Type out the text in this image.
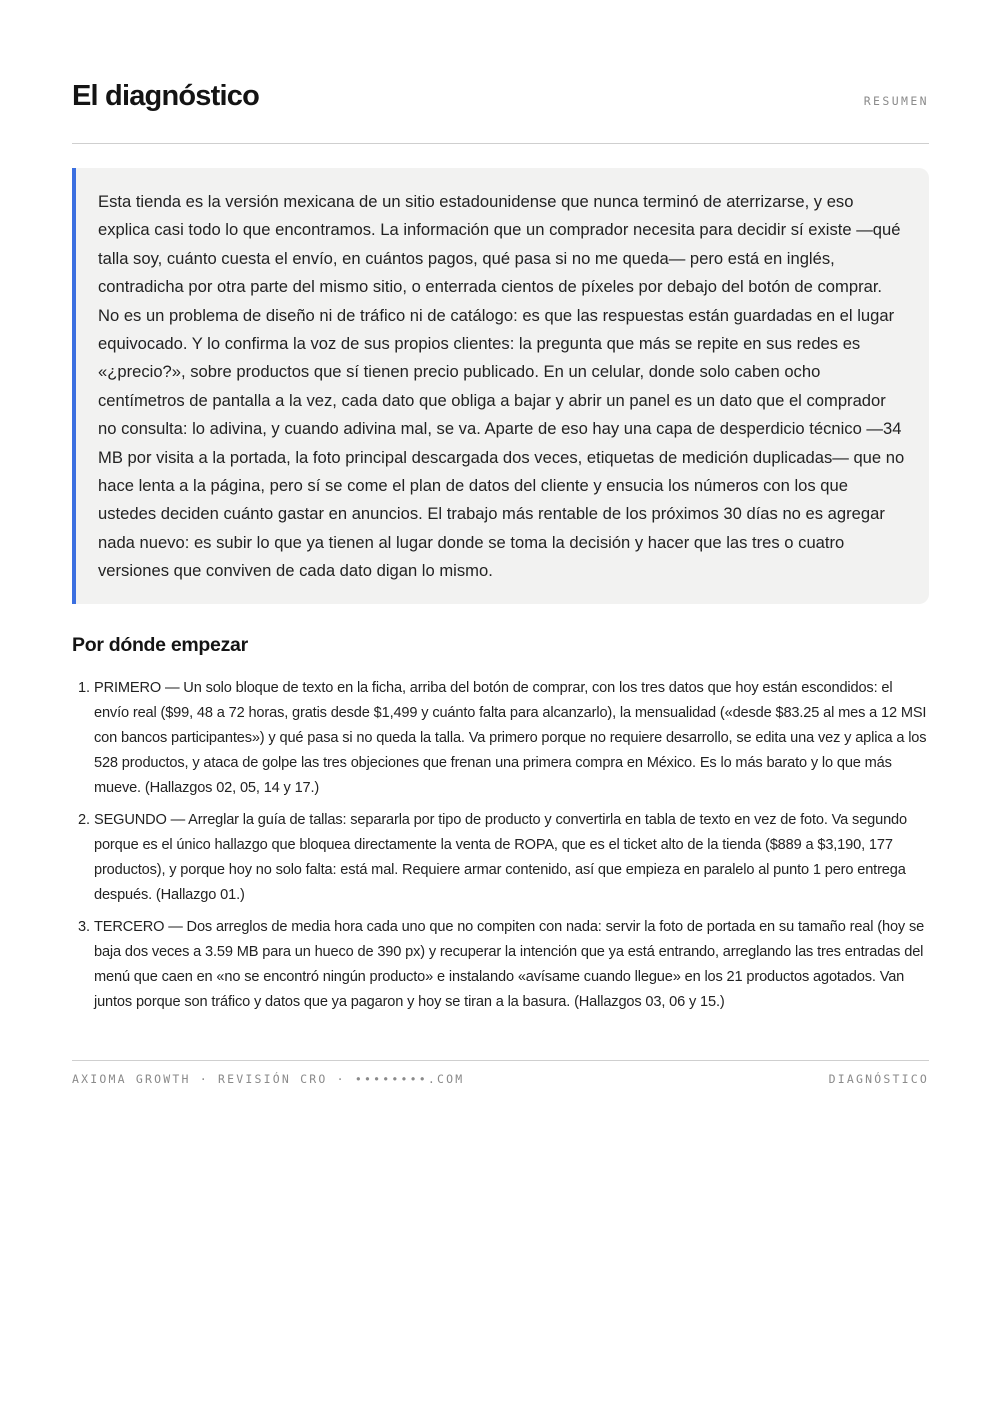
El diagnóstico	RESUMEN

Esta tienda es la versión mexicana de un sitio estadounidense que nunca terminó de aterrizarse, y eso explica casi todo lo que encontramos. La información que un comprador necesita para decidir sí existe —qué talla soy, cuánto cuesta el envío, en cuántos pagos, qué pasa si no me queda— pero está en inglés, contradicha por otra parte del mismo sitio, o enterrada cientos de píxeles por debajo del botón de comprar. No es un problema de diseño ni de tráfico ni de catálogo: es que las respuestas están guardadas en el lugar equivocado. Y lo confirma la voz de sus propios clientes: la pregunta que más se repite en sus redes es «¿precio?», sobre productos que sí tienen precio publicado. En un celular, donde solo caben ocho centímetros de pantalla a la vez, cada dato que obliga a bajar y abrir un panel es un dato que el comprador no consulta: lo adivina, y cuando adivina mal, se va. Aparte de eso hay una capa de desperdicio técnico —34 MB por visita a la portada, la foto principal descargada dos veces, etiquetas de medición duplicadas— que no hace lenta a la página, pero sí se come el plan de datos del cliente y ensucia los números con los que ustedes deciden cuánto gastar en anuncios. El trabajo más rentable de los próximos 30 días no es agregar nada nuevo: es subir lo que ya tienen al lugar donde se toma la decisión y hacer que las tres o cuatro versiones que conviven de cada dato digan lo mismo.

Por dónde empezar
1. PRIMERO — Un solo bloque de texto en la ficha, arriba del botón de comprar, con los tres datos que hoy están escondidos: el envío real ($99, 48 a 72 horas, gratis desde $1,499 y cuánto falta para alcanzarlo), la mensualidad («desde $83.25 al mes a 12 MSI con bancos participantes») y qué pasa si no queda la talla. Va primero porque no requiere desarrollo, se edita una vez y aplica a los 528 productos, y ataca de golpe las tres objeciones que frenan una primera compra en México. Es lo más barato y lo que más mueve. (Hallazgos 02, 05, 14 y 17.)
2. SEGUNDO — Arreglar la guía de tallas: separarla por tipo de producto y convertirla en tabla de texto en vez de foto. Va segundo porque es el único hallazgo que bloquea directamente la venta de ROPA, que es el ticket alto de la tienda ($889 a $3,190, 177 productos), y porque hoy no solo falta: está mal. Requiere armar contenido, así que empieza en paralelo al punto 1 pero entrega después. (Hallazgo 01.)
3. TERCERO — Dos arreglos de media hora cada uno que no compiten con nada: servir la foto de portada en su tamaño real (hoy se baja dos veces a 3.59 MB para un hueco de 390 px) y recuperar la intención que ya está entrando, arreglando las tres entradas del menú que caen en «no se encontró ningún producto» e instalando «avísame cuando llegue» en los 21 productos agotados. Van juntos porque son tráfico y datos que ya pagaron y hoy se tiran a la basura. (Hallazgos 03, 06 y 15.)
AXIOMA GROWTH · REVISIÓN CRO · ••••••••.COM	DIAGNÓSTICO
